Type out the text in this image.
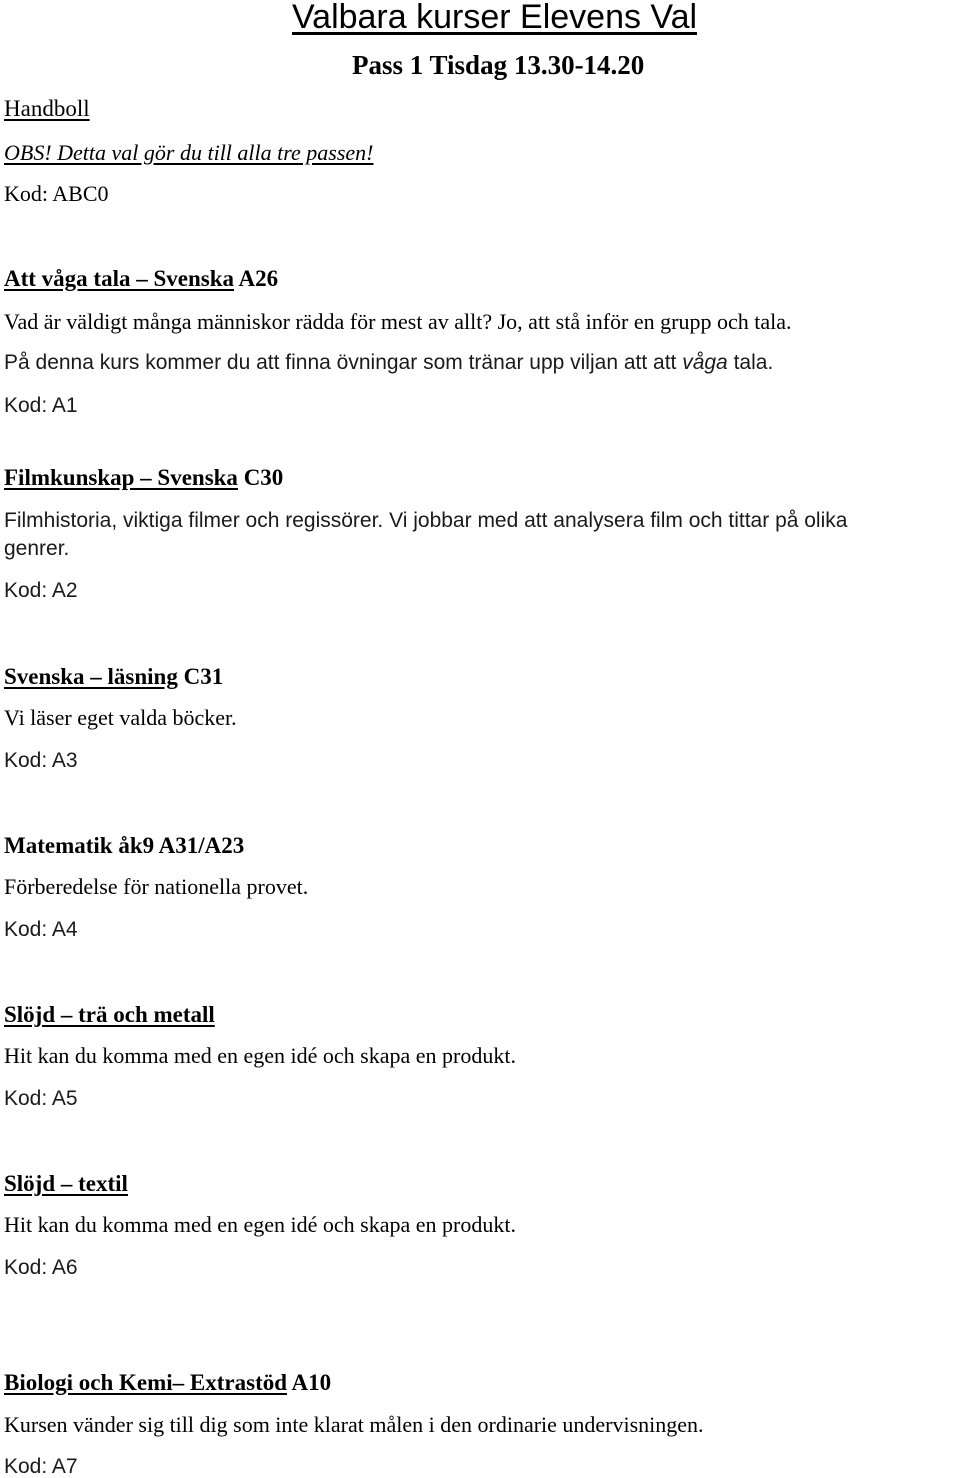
Valbara kurser Elevens Val
Pass 1 Tisdag 13.30-14.20
Handboll
OBS! Detta val gör du till alla tre passen!
Kod: ABC0
Att våga tala – Svenska A26
Vad är väldigt många människor rädda för mest av allt? Jo, att stå inför en grupp och tala.
På denna kurs kommer du att finna övningar som tränar upp viljan att att våga tala.
Kod: A1
Filmkunskap – Svenska C30
Filmhistoria, viktiga filmer och regissörer. Vi jobbar med att analysera film och tittar på olika
genrer.
Kod: A2
Svenska – läsning C31
Vi läser eget valda böcker.
Kod: A3
Matematik åk9 A31/A23
Förberedelse för nationella provet.
Kod: A4
Slöjd – trä och metall
Hit kan du komma med en egen idé och skapa en produkt.
Kod: A5
Slöjd – textil
Hit kan du komma med en egen idé och skapa en produkt.
Kod: A6
Biologi och Kemi– Extrastöd A10
Kursen vänder sig till dig som inte klarat målen i den ordinarie undervisningen.
Kod: A7
